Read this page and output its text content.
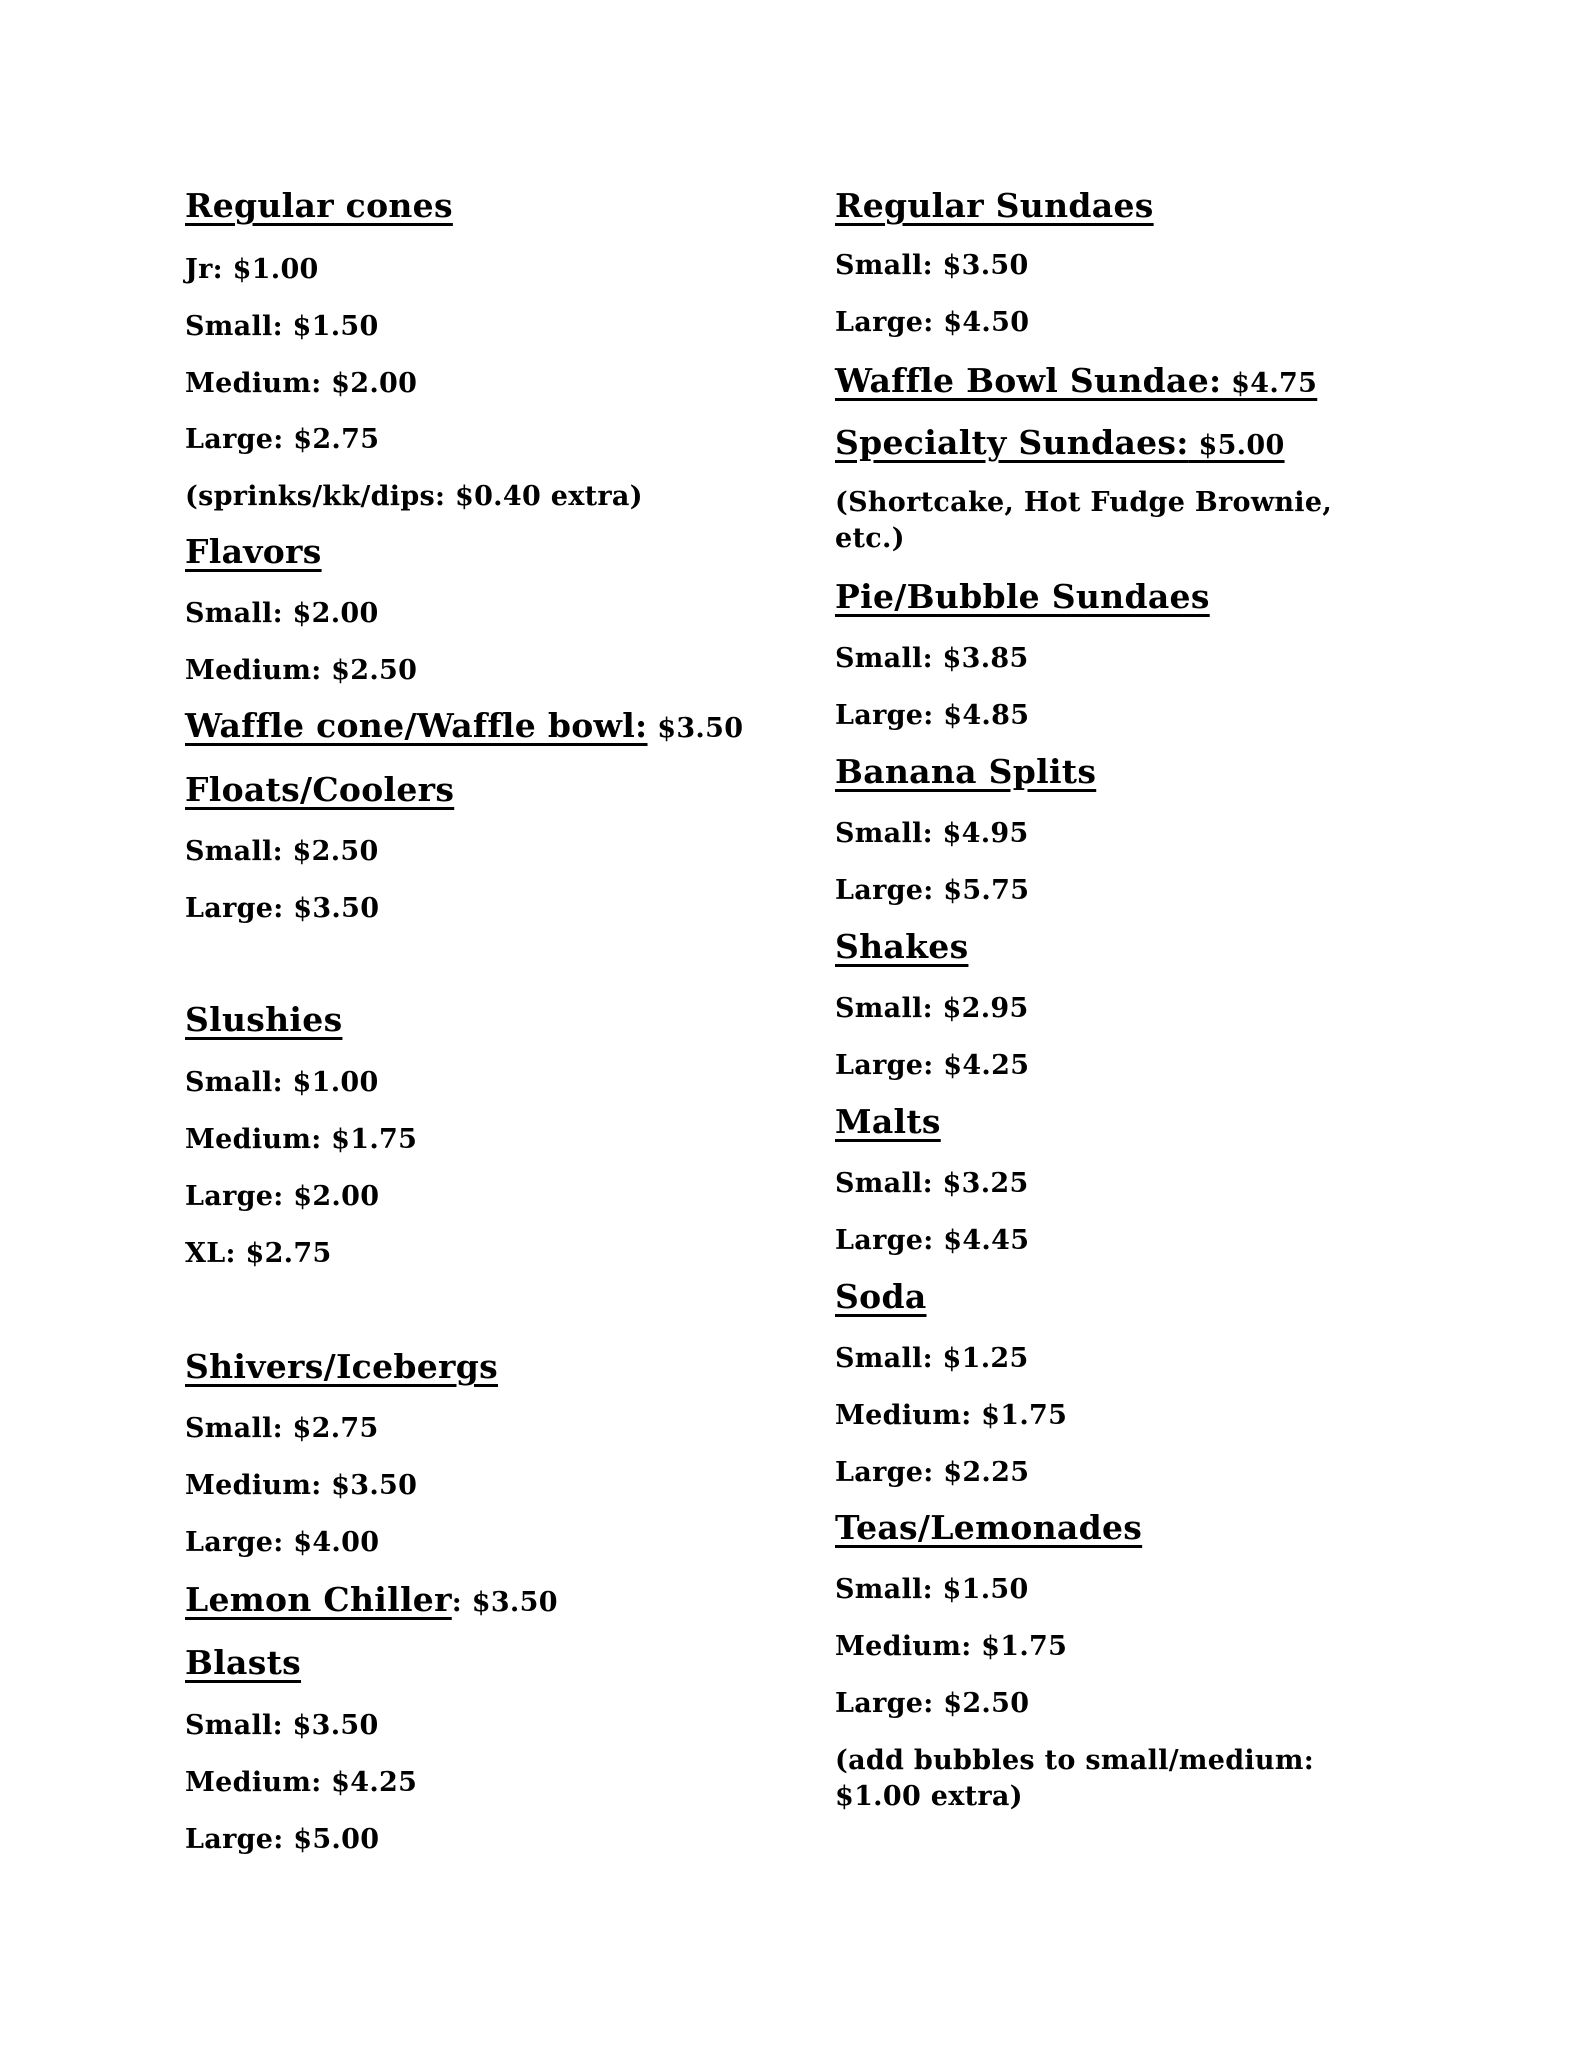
Regular cones
Jr: $1.00
Small: $1.50
Medium: $2.00
Large: $2.75
(sprinks/kk/dips: $0.40 extra)
Flavors
Small: $2.00
Medium: $2.50
Waffle cone/Waffle bowl: $3.50
Floats/Coolers
Small: $2.50
Large: $3.50
Slushies
Small: $1.00
Medium: $1.75
Large: $2.00
XL: $2.75
Shivers/Icebergs
Small: $2.75
Medium: $3.50
Large: $4.00
Lemon Chiller: $3.50
Blasts
Small: $3.50
Medium: $4.25
Large: $5.00
Regular Sundaes
Small: $3.50
Large: $4.50
Waffle Bowl Sundae: $4.75
Specialty Sundaes: $5.00
(Shortcake, Hot Fudge Brownie, etc.)
Pie/Bubble Sundaes
Small: $3.85
Large: $4.85
Banana Splits
Small: $4.95
Large: $5.75
Shakes
Small: $2.95
Large: $4.25
Malts
Small: $3.25
Large: $4.45
Soda
Small: $1.25
Medium: $1.75
Large: $2.25
Teas/Lemonades
Small: $1.50
Medium: $1.75
Large: $2.50
(add bubbles to small/medium: $1.00 extra)
